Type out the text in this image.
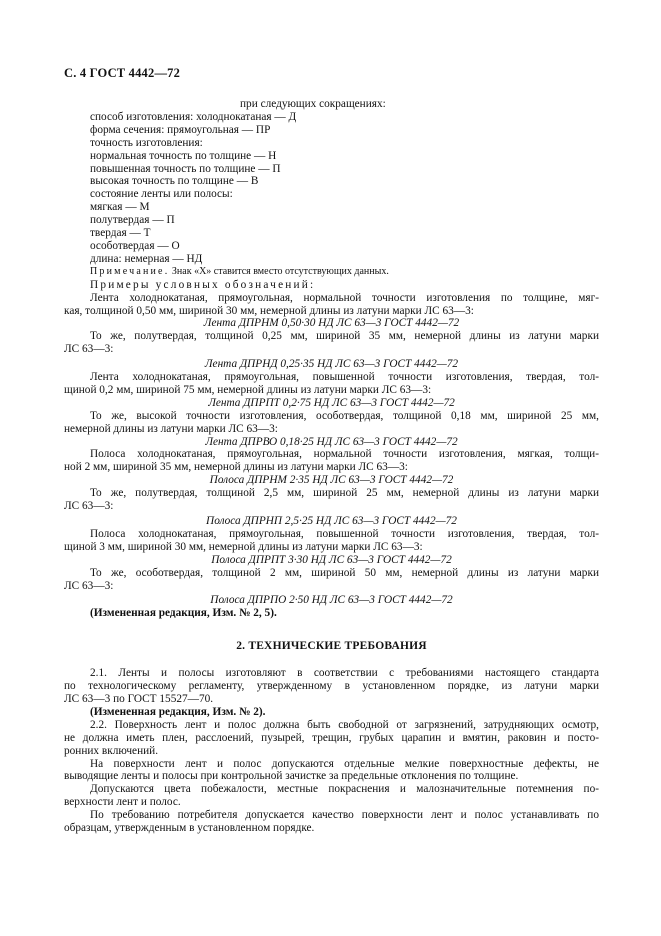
С. 4 ГОСТ 4442—72
при следующих сокращениях:
способ изготовления: холоднокатаная — Д
форма сечения: прямоугольная — ПР
точность изготовления:
нормальная точность по толщине — Н
повышенная точность по толщине — П
высокая точность по толщине — В
состояние ленты или полосы:
мягкая — М
полутвердая — П
твердая — Т
особотвердая — О
длина: немерная — НД
Примечание. Знак «Х» ставится вместо отсутствующих данных.
Примеры условных обозначений:
Лента холоднокатаная, прямоугольная, нормальной точности изготовления по толщине, мяг-
кая, толщиной 0,50 мм, шириной 30 мм, немерной длины из латуни марки ЛС 63—3:
Лента ДПРНМ 0,50·30 НД ЛС 63—3 ГОСТ 4442—72
То же, полутвердая, толщиной 0,25 мм, шириной 35 мм, немерной длины из латуни марки
ЛС 63—3:
Лента ДПРНД 0,25·35 НД ЛС 63—3 ГОСТ 4442—72
Лента холоднокатаная, прямоугольная, повышенной точности изготовления, твердая, тол-
щиной 0,2 мм, шириной 75 мм, немерной длины из латуни марки ЛС 63—3:
Лента ДПРПТ 0,2·75 НД ЛС 63—3 ГОСТ 4442—72
То же, высокой точности изготовления, особотвердая, толщиной 0,18 мм, шириной 25 мм,
немерной длины из латуни марки ЛС 63—3:
Лента ДПРВО 0,18·25 НД ЛС 63—3 ГОСТ 4442—72
Полоса холоднокатаная, прямоугольная, нормальной точности изготовления, мягкая, толщи-
ной 2 мм, шириной 35 мм, немерной длины из латуни марки ЛС 63—3:
Полоса ДПРНМ 2·35 НД ЛС 63—3 ГОСТ 4442—72
То же, полутвердая, толщиной 2,5 мм, шириной 25 мм, немерной длины из латуни марки
ЛС 63—3:
Полоса ДПРНП 2,5·25 НД ЛС 63—3 ГОСТ 4442—72
Полоса холоднокатаная, прямоугольная, повышенной точности изготовления, твердая, тол-
щиной 3 мм, шириной 30 мм, немерной длины из латуни марки ЛС 63—3:
Полоса ДПРПТ 3·30 НД ЛС 63—3 ГОСТ 4442—72
То же, особотвердая, толщиной 2 мм, шириной 50 мм, немерной длины из латуни марки
ЛС 63—3:
Полоса ДПРПО 2·50 НД ЛС 63—3 ГОСТ 4442—72
(Измененная редакция, Изм. № 2, 5).
2. ТЕХНИЧЕСКИЕ ТРЕБОВАНИЯ
2.1. Ленты и полосы изготовляют в соответствии с требованиями настоящего стандарта
по технологическому регламенту, утвержденному в установленном порядке, из латуни марки
ЛС 63—3 по ГОСТ 15527—70.
(Измененная редакция, Изм. № 2).
2.2. Поверхность лент и полос должна быть свободной от загрязнений, затрудняющих осмотр,
не должна иметь плен, расслоений, пузырей, трещин, грубых царапин и вмятин, раковин и постo-
ронних включений.
На поверхности лент и полос допускаются отдельные мелкие поверхностные дефекты, не
выводящие ленты и полосы при контрольной зачистке за предельные отклонения по толщине.
Допускаются цвета побежалости, местные покраснения и малозначительные потемнения по-
верхности лент и полос.
По требованию потребителя допускается качество поверхности лент и полос устанавливать по
образцам, утвержденным в установленном порядке.
